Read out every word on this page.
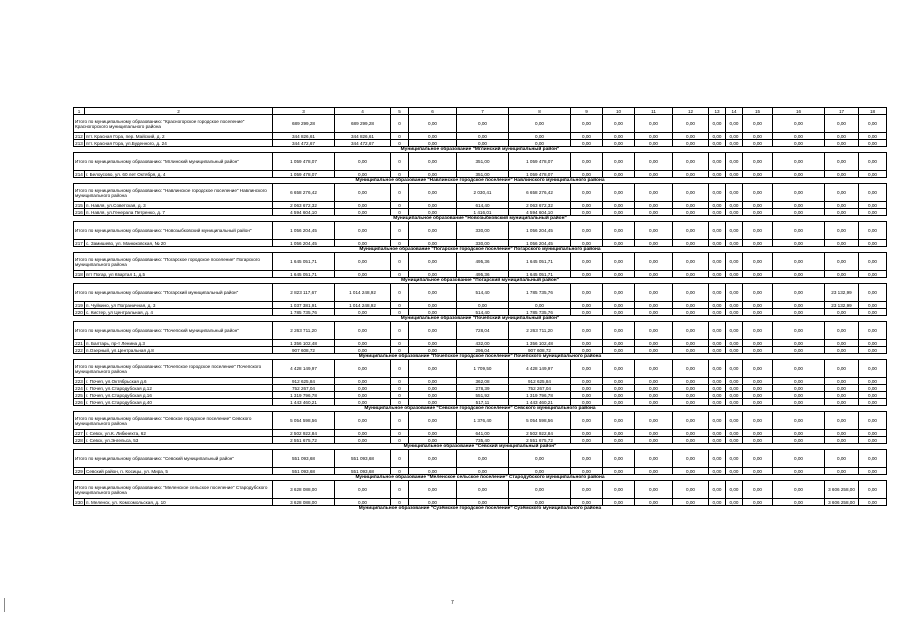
1	2	3	4	5	6	7	8	9	10	11	12	13	14	15	16	17	18	
Итого по муниципальному образованию: "Красногорское городское поселение" Красногорского муниципального района		689 299,28	689 299,28	0	0,00	0,00	0,00	0,00	0,00	0,00	0,00	0,00	0,00	0,00	0,00	0,00	0,00	
212	пгт. Красная Гора, пер. Майский, д. 2	344 826,61	344 826,61	0	0,00	0,00	0,00	0,00	0,00	0,00	0,00	0,00	0,00	0,00	0,00	0,00	0,00	
213	пгт. Красная Гора, ул.Буденного, д. 24	344 472,67	344 472,67	0	0,00	0,00	0,00	0,00	0,00	0,00	0,00	0,00	0,00	0,00	0,00	0,00	0,00	
Муниципальное образование "Мглинский муниципальный район"																		
Итого по муниципальному образованию: "Мглинский муниципальный район"		1 059 478,07	0,00	0	0,00	351,00	1 059 478,07	0,00	0,00	0,00	0,00	0,00	0,00	0,00	0,00	0,00	0,00	
214	г. Белоусово, ул. 60 лет Октября, д. 4	1 059 478,07	0,00	0	0,00	351,00	1 059 478,07	0,00	0,00	0,00	0,00	0,00	0,00	0,00	0,00	0,00	0,00	
Муниципальное образование "Навлинское городское поселение" Навлинского муниципального района																		
Итого по муниципальному образованию: "Навлинское городское поселение" Навлинского муниципального района		6 658 276,42	0,00	0	0,00	2 030,41	6 658 276,42	0,00	0,00	0,00	0,00	0,00	0,00	0,00	0,00	0,00	0,00	
215	п. Навля, ул.Советская, д. 3	2 063 672,32	0,00	0	0,00	614,40	2 063 672,32	0,00	0,00	0,00	0,00	0,00	0,00	0,00	0,00	0,00	0,00	
216	п. Навля, ул.Генерала Петренко, д. 7	4 594 604,10	0,00	0	0,00	1 416,01	4 594 604,10	0,00	0,00	0,00	0,00	0,00	0,00	0,00	0,00	0,00	0,00	
Муниципальное образование "Новозыбковский муниципальный район"																		
Итого по муниципальному образованию: "Новозыбковский муниципальный район"		1 056 204,45	0,00	0	0,00	330,00	1 056 204,45	0,00	0,00	0,00	0,00	0,00	0,00	0,00	0,00	0,00	0,00	
217	с. Замишево, ул. Манюковская, № 20	1 056 204,45	0,00	0	0,00	330,00	1 056 204,45	0,00	0,00	0,00	0,00	0,00	0,00	0,00	0,00	0,00	0,00	
Муниципальное образование "Погарское городское поселение" Погарского муниципального района																		
Итого по муниципальному образованию: "Погарское городское поселение" Погарского муниципального района		1 645 051,71	0,00	0	0,00	495,36	1 645 051,71	0,00	0,00	0,00	0,00	0,00	0,00	0,00	0,00	0,00	0,00	
218	пгт Погар, ул Квартал 1, д.5	1 645 051,71	0,00	0	0,00	495,36	1 645 051,71	0,00	0,00	0,00	0,00	0,00	0,00	0,00	0,00	0,00	0,00	
Муниципальное образование "Погарский муниципальный район"																		
Итого по муниципальному образованию: "Погарский муниципальный район"		2 823 117,67	1 014 248,92	0	0,00	514,40	1 785 735,76	0,00	0,00	0,00	0,00	0,00	0,00	0,00	0,00	23 132,99	0,00	
219	п. Чуйкино, ул Пограничная, д. 3	1 037 381,91	1 014 248,92	0	0,00	0,00	0,00	0,00	0,00	0,00	0,00	0,00	0,00	0,00	0,00	23 132,99	0,00	
220	с. Кистер, ул Центральная, д. 4	1 785 735,76	0,00	0	0,00	514,40	1 785 735,76	0,00	0,00	0,00	0,00	0,00	0,00	0,00	0,00	0,00	0,00	
Муниципальное образование "Почепский муниципальный район"																		
Итого по муниципальному образованию: "Почепский муниципальный район"		2 263 711,20	0,00	0	0,00	728,04	2 263 711,20	0,00	0,00	0,00	0,00	0,00	0,00	0,00	0,00	0,00	0,00	
221	п. Балтарь, пр-т Ленина д.3	1 356 102,48	0,00	0	0,00	432,00	1 356 102,48	0,00	0,00	0,00	0,00	0,00	0,00	0,00	0,00	0,00	0,00	
222	п.Озерный, ул.Центральная д.8	907 608,72	0,00	0	0,00	296,04	907 608,72	0,00	0,00	0,00	0,00	0,00	0,00	0,00	0,00	0,00	0,00	
Муниципальное образование "Почепское городское поселение" Почепского муниципального района																		
Итого по муниципальному образованию: "Почепское городское поселение" Почепского муниципального района		4 428 149,97	0,00	0	0,00	1 709,50	4 428 149,97	0,00	0,00	0,00	0,00	0,00	0,00	0,00	0,00	0,00	0,00	
223	г. Почеп, ул.Октябрьская д.6	912 625,84	0,00	0	0,00	362,08	912 625,84	0,00	0,00	0,00	0,00	0,00	0,00	0,00	0,00	0,00	0,00	
224	г. Почеп, ул.Стародубская д.12	752 267,04	0,00	0	0,00	278,39	752 267,04	0,00	0,00	0,00	0,00	0,00	0,00	0,00	0,00	0,00	0,00	
225	г. Почеп, ул.Стародубская д.16	1 319 796,78	0,00	0	0,00	551,92	1 319 796,78	0,00	0,00	0,00	0,00	0,00	0,00	0,00	0,00	0,00	0,00	
226	г. Почеп, ул.Стародубская д.40	1 443 460,21	0,00	0	0,00	517,11	1 443 460,21	0,00	0,00	0,00	0,00	0,00	0,00	0,00	0,00	0,00	0,00	
Муниципальное образование "Севское городское поселение" Севского муниципального района																		
Итого по муниципальному образованию: "Севское городское поселение" Севского муниципального района		5 054 598,56	0,00	0	0,00	1 376,40	5 054 598,56	0,00	0,00	0,00	0,00	0,00	0,00	0,00	0,00	0,00	0,00	
227	г. Севск, ул.К. Либкнехта, 62	2 502 922,84	0,00	0	0,00	641,00	2 502 922,84	0,00	0,00	0,00	0,00	0,00	0,00	0,00	0,00	0,00	0,00	
228	г. Севск, ул.Энгельса, 53	2 551 675,72	0,00	0	0,00	735,40	2 551 675,72	0,00	0,00	0,00	0,00	0,00	0,00	0,00	0,00	0,00	0,00	
Муниципальное образование "Севский муниципальный район"																		
Итого по муниципальному образованию: "Севский муниципальный район"		551 093,68	551 093,68	0	0,00	0,00	0,00	0,00	0,00	0,00	0,00	0,00	0,00	0,00	0,00	0,00	0,00	
229	Севский район, п. Косицы, ул. Мира, 5	551 093,68	551 093,68	0	0,00	0,00	0,00	0,00	0,00	0,00	0,00	0,00	0,00	0,00	0,00	0,00	0,00	
Муниципальное образование "Меленское сельское поселение" Стародубского муниципального района																		
Итого по муниципальному образованию: "Меленское сельское поселение" Стародубского муниципального района		3 628 088,00	0,00	0	0,00	0,00	0,00	0,00	0,00	0,00	0,00	0,00	0,00	0,00	0,00	3 606 258,00	0,00	
230	п. Меленск, ул. Комсомольская, д. 10	3 628 088,00	0,00	0	0,00	0,00	0,00	0,00	0,00	0,00	0,00	0,00	0,00	0,00	0,00	3 606 258,00	0,00	
Муниципальное образование "Сузёмское городское поселение" Сузёмского муниципального района																		
7
